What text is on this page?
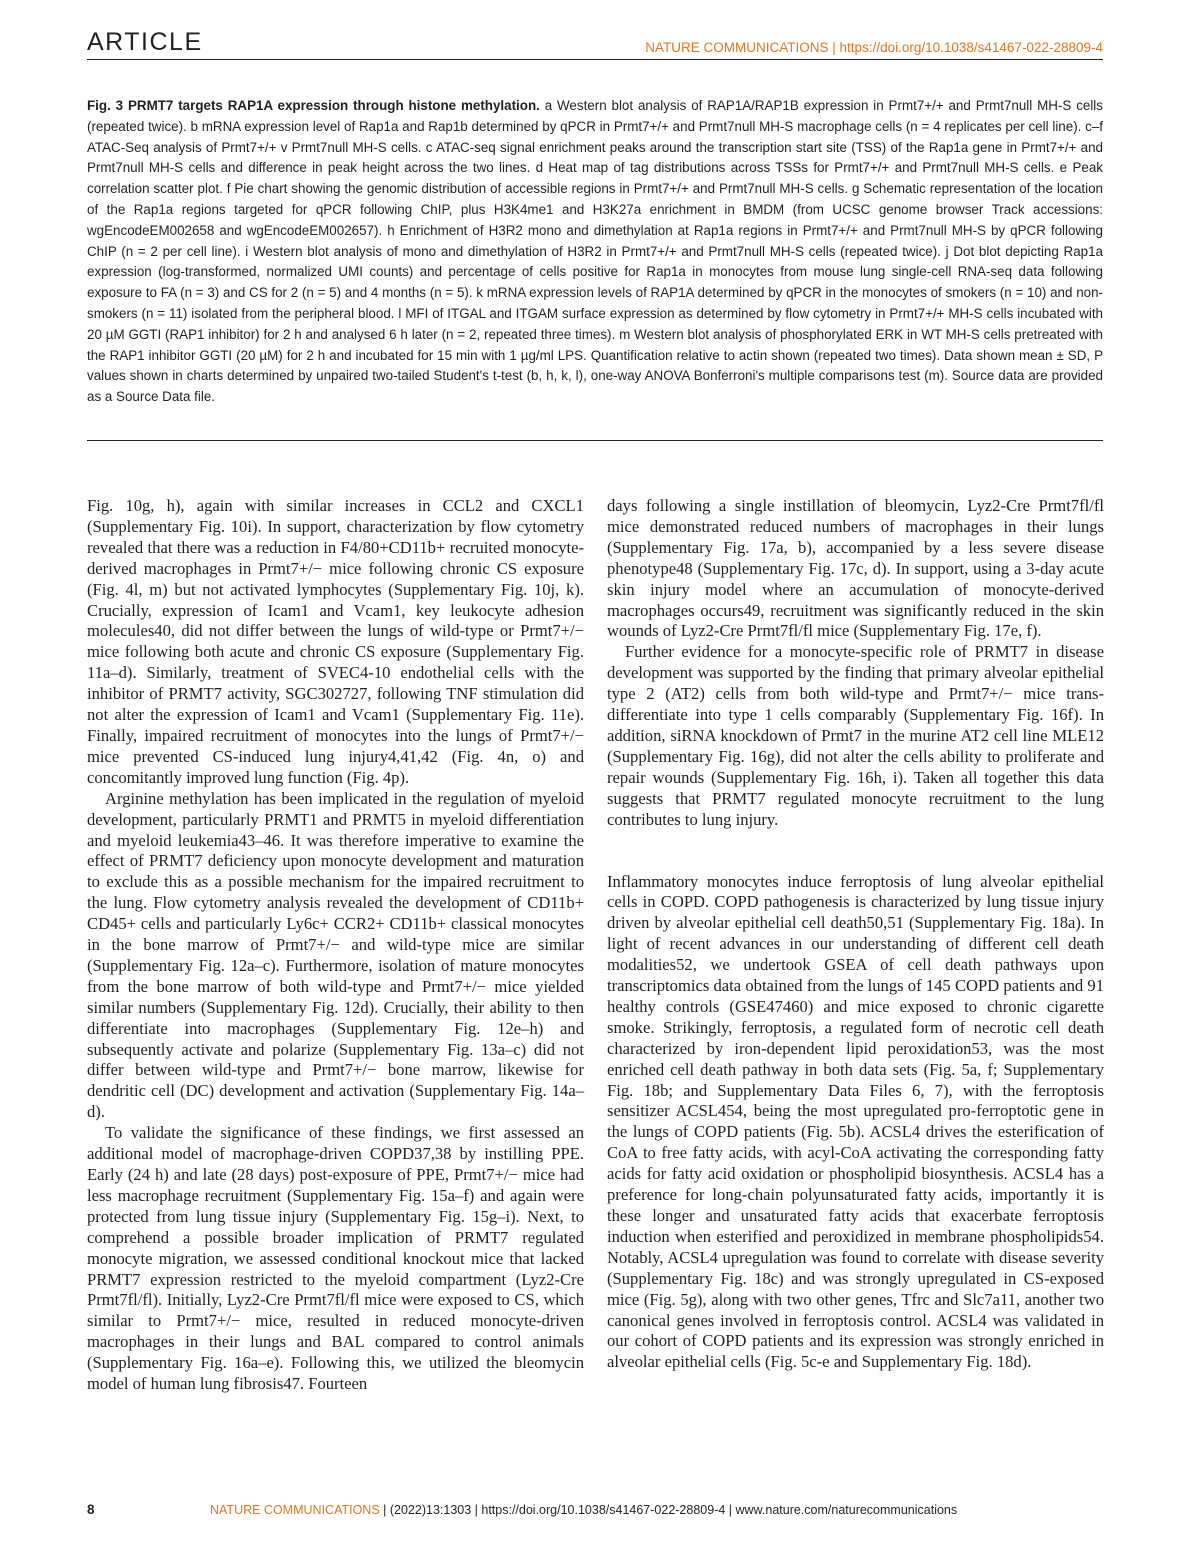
ARTICLE	NATURE COMMUNICATIONS | https://doi.org/10.1038/s41467-022-28809-4
Fig. 3 PRMT7 targets RAP1A expression through histone methylation. a Western blot analysis of RAP1A/RAP1B expression in Prmt7+/+ and Prmt7null MH-S cells (repeated twice). b mRNA expression level of Rap1a and Rap1b determined by qPCR in Prmt7+/+ and Prmt7null MH-S macrophage cells (n = 4 replicates per cell line). c–f ATAC-Seq analysis of Prmt7+/+ v Prmt7null MH-S cells. c ATAC-seq signal enrichment peaks around the transcription start site (TSS) of the Rap1a gene in Prmt7+/+ and Prmt7null MH-S cells and difference in peak height across the two lines. d Heat map of tag distributions across TSSs for Prmt7+/+ and Prmt7null MH-S cells. e Peak correlation scatter plot. f Pie chart showing the genomic distribution of accessible regions in Prmt7+/+ and Prmt7null MH-S cells. g Schematic representation of the location of the Rap1a regions targeted for qPCR following ChIP, plus H3K4me1 and H3K27a enrichment in BMDM (from UCSC genome browser Track accessions: wgEncodeEM002658 and wgEncodeEM002657). h Enrichment of H3R2 mono and dimethylation at Rap1a regions in Prmt7+/+ and Prmt7null MH-S by qPCR following ChIP (n = 2 per cell line). i Western blot analysis of mono and dimethylation of H3R2 in Prmt7+/+ and Prmt7null MH-S cells (repeated twice). j Dot blot depicting Rap1a expression (log-transformed, normalized UMI counts) and percentage of cells positive for Rap1a in monocytes from mouse lung single-cell RNA-seq data following exposure to FA (n = 3) and CS for 2 (n = 5) and 4 months (n = 5). k mRNA expression levels of RAP1A determined by qPCR in the monocytes of smokers (n = 10) and non-smokers (n = 11) isolated from the peripheral blood. l MFI of ITGAL and ITGAM surface expression as determined by flow cytometry in Prmt7+/+ MH-S cells incubated with 20 µM GGTI (RAP1 inhibitor) for 2 h and analysed 6 h later (n = 2, repeated three times). m Western blot analysis of phosphorylated ERK in WT MH-S cells pretreated with the RAP1 inhibitor GGTI (20 µM) for 2 h and incubated for 15 min with 1 µg/ml LPS. Quantification relative to actin shown (repeated two times). Data shown mean ± SD, P values shown in charts determined by unpaired two-tailed Student's t-test (b, h, k, l), one-way ANOVA Bonferroni's multiple comparisons test (m). Source data are provided as a Source Data file.

Fig. 10g, h), again with similar increases in CCL2 and CXCL1 (Supplementary Fig. 10i). In support, characterization by flow cytometry revealed that there was a reduction in F4/80+CD11b+ recruited monocyte-derived macrophages in Prmt7+/− mice following chronic CS exposure (Fig. 4l, m) but not activated lymphocytes (Supplementary Fig. 10j, k). Crucially, expression of Icam1 and Vcam1, key leukocyte adhesion molecules40, did not differ between the lungs of wild-type or Prmt7+/− mice following both acute and chronic CS exposure (Supplementary Fig. 11a–d). Similarly, treatment of SVEC4-10 endothelial cells with the inhibitor of PRMT7 activity, SGC302727, following TNF stimulation did not alter the expression of Icam1 and Vcam1 (Supplementary Fig. 11e). Finally, impaired recruitment of monocytes into the lungs of Prmt7+/− mice prevented CS-induced lung injury4,41,42 (Fig. 4n, o) and concomitantly improved lung function (Fig. 4p).

Arginine methylation has been implicated in the regulation of myeloid development, particularly PRMT1 and PRMT5 in myeloid differentiation and myeloid leukemia43–46. It was therefore imperative to examine the effect of PRMT7 deficiency upon monocyte development and maturation to exclude this as a possible mechanism for the impaired recruitment to the lung. Flow cytometry analysis revealed the development of CD11b+ CD45+ cells and particularly Ly6c+ CCR2+ CD11b+ classical monocytes in the bone marrow of Prmt7+/− and wild-type mice are similar (Supplementary Fig. 12a–c). Furthermore, isolation of mature monocytes from the bone marrow of both wild-type and Prmt7+/− mice yielded similar numbers (Supplementary Fig. 12d). Crucially, their ability to then differentiate into macrophages (Supplementary Fig. 12e–h) and subsequently activate and polarize (Supplementary Fig. 13a–c) did not differ between wild-type and Prmt7+/− bone marrow, likewise for dendritic cell (DC) development and activation (Supplementary Fig. 14a–d).

To validate the significance of these findings, we first assessed an additional model of macrophage-driven COPD37,38 by instilling PPE. Early (24 h) and late (28 days) post-exposure of PPE, Prmt7+/− mice had less macrophage recruitment (Supplementary Fig. 15a–f) and again were protected from lung tissue injury (Supplementary Fig. 15g–i). Next, to comprehend a possible broader implication of PRMT7 regulated monocyte migration, we assessed conditional knockout mice that lacked PRMT7 expression restricted to the myeloid compartment (Lyz2-Cre Prmt7fl/fl). Initially, Lyz2-Cre Prmt7fl/fl mice were exposed to CS, which similar to Prmt7+/− mice, resulted in reduced monocyte-driven macrophages in their lungs and BAL compared to control animals (Supplementary Fig. 16a–e). Following this, we utilized the bleomycin model of human lung fibrosis47. Fourteen

days following a single instillation of bleomycin, Lyz2-Cre Prmt7fl/fl mice demonstrated reduced numbers of macrophages in their lungs (Supplementary Fig. 17a, b), accompanied by a less severe disease phenotype48 (Supplementary Fig. 17c, d). In support, using a 3-day acute skin injury model where an accumulation of monocyte-derived macrophages occurs49, recruitment was significantly reduced in the skin wounds of Lyz2-Cre Prmt7fl/fl mice (Supplementary Fig. 17e, f).

Further evidence for a monocyte-specific role of PRMT7 in disease development was supported by the finding that primary alveolar epithelial type 2 (AT2) cells from both wild-type and Prmt7+/− mice trans-differentiate into type 1 cells comparably (Supplementary Fig. 16f). In addition, siRNA knockdown of Prmt7 in the murine AT2 cell line MLE12 (Supplementary Fig. 16g), did not alter the cells ability to proliferate and repair wounds (Supplementary Fig. 16h, i). Taken all together this data suggests that PRMT7 regulated monocyte recruitment to the lung contributes to lung injury.

Inflammatory monocytes induce ferroptosis of lung alveolar epithelial cells in COPD. COPD pathogenesis is characterized by lung tissue injury driven by alveolar epithelial cell death50,51 (Supplementary Fig. 18a). In light of recent advances in our understanding of different cell death modalities52, we undertook GSEA of cell death pathways upon transcriptomics data obtained from the lungs of 145 COPD patients and 91 healthy controls (GSE47460) and mice exposed to chronic cigarette smoke. Strikingly, ferroptosis, a regulated form of necrotic cell death characterized by iron-dependent lipid peroxidation53, was the most enriched cell death pathway in both data sets (Fig. 5a, f; Supplementary Fig. 18b; and Supplementary Data Files 6, 7), with the ferroptosis sensitizer ACSL454, being the most upregulated pro-ferroptotic gene in the lungs of COPD patients (Fig. 5b). ACSL4 drives the esterification of CoA to free fatty acids, with acyl-CoA activating the corresponding fatty acids for fatty acid oxidation or phospholipid biosynthesis. ACSL4 has a preference for long-chain polyunsaturated fatty acids, importantly it is these longer and unsaturated fatty acids that exacerbate ferroptosis induction when esterified and peroxidized in membrane phospholipids54. Notably, ACSL4 upregulation was found to correlate with disease severity (Supplementary Fig. 18c) and was strongly upregulated in CS-exposed mice (Fig. 5g), along with two other genes, Tfrc and Slc7a11, another two canonical genes involved in ferroptosis control. ACSL4 was validated in our cohort of COPD patients and its expression was strongly enriched in alveolar epithelial cells (Fig. 5c-e and Supplementary Fig. 18d).

8	NATURE COMMUNICATIONS | (2022)13:1303 | https://doi.org/10.1038/s41467-022-28809-4 | www.nature.com/naturecommunications
